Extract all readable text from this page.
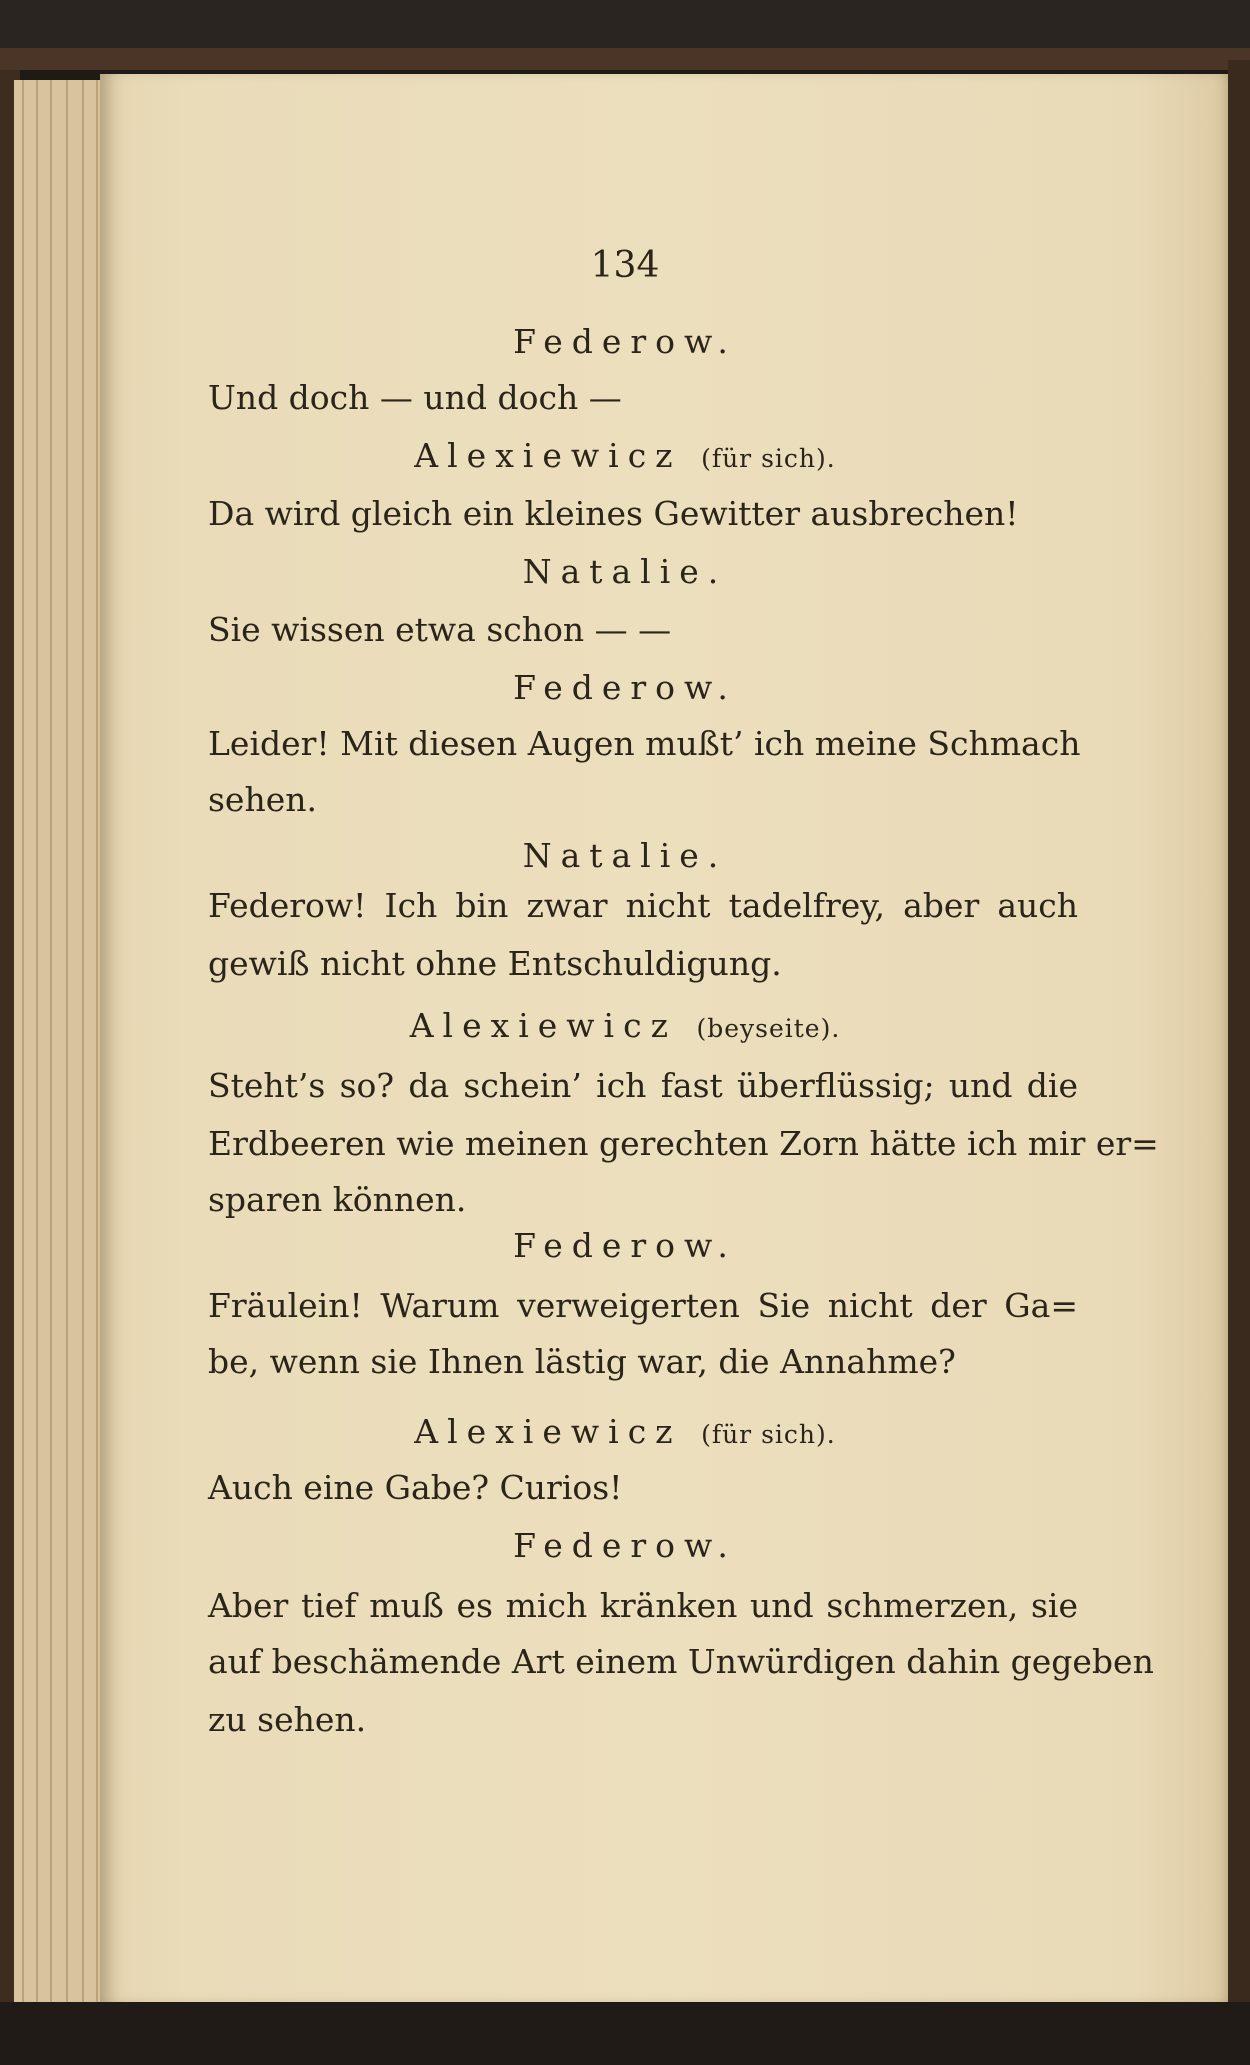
134

Federow.

Und doch — und doch —

Alexiewicz (für sich).

Da wird gleich ein kleines Gewitter ausbrechen!

Natalie.

Sie wissen etwa schon — —

Federow.

Leider! Mit diesen Augen mußt’ ich meine Schmach

sehen.

Natalie.

Federow! Ich bin zwar nicht tadelfrey, aber auch

gewiß nicht ohne Entschuldigung.

Alexiewicz (beyseite).

Steht’s so? da schein’ ich fast überflüssig; und die

Erdbeeren wie meinen gerechten Zorn hätte ich mir er=

sparen können.

Federow.

Fräulein! Warum verweigerten Sie nicht der Ga=

be, wenn sie Ihnen lästig war, die Annahme?

Alexiewicz (für sich).

Auch eine Gabe? Curios!

Federow.

Aber tief muß es mich kränken und schmerzen, sie

auf beschämende Art einem Unwürdigen dahin gegeben

zu sehen.
